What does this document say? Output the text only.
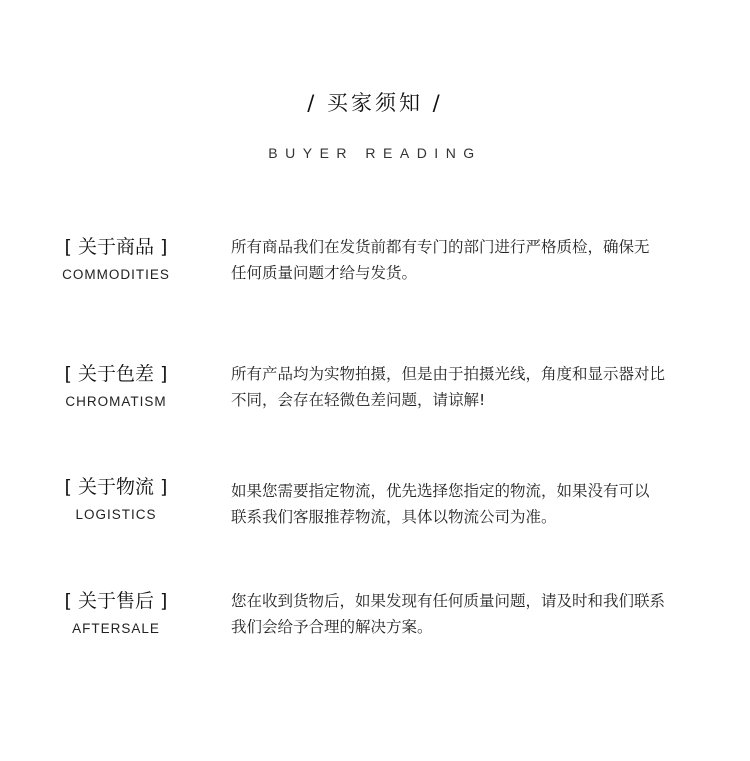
/ 买家须知 /
BUYER READING
[ 关于商品 ]
COMMODITIES
所有商品我们在发货前都有专门的部门进行严格质检，确保无
任何质量问题才给与发货。
[ 关于色差 ]
CHROMATISM
所有产品均为实物拍摄，但是由于拍摄光线，角度和显示器对比
不同，会存在轻微色差问题，请谅解!
[ 关于物流 ]
LOGISTICS
如果您需要指定物流，优先选择您指定的物流，如果没有可以
联系我们客服推荐物流，具体以物流公司为准。
[ 关于售后 ]
AFTERSALE
您在收到货物后，如果发现有任何质量问题，请及时和我们联系
我们会给予合理的解决方案。
